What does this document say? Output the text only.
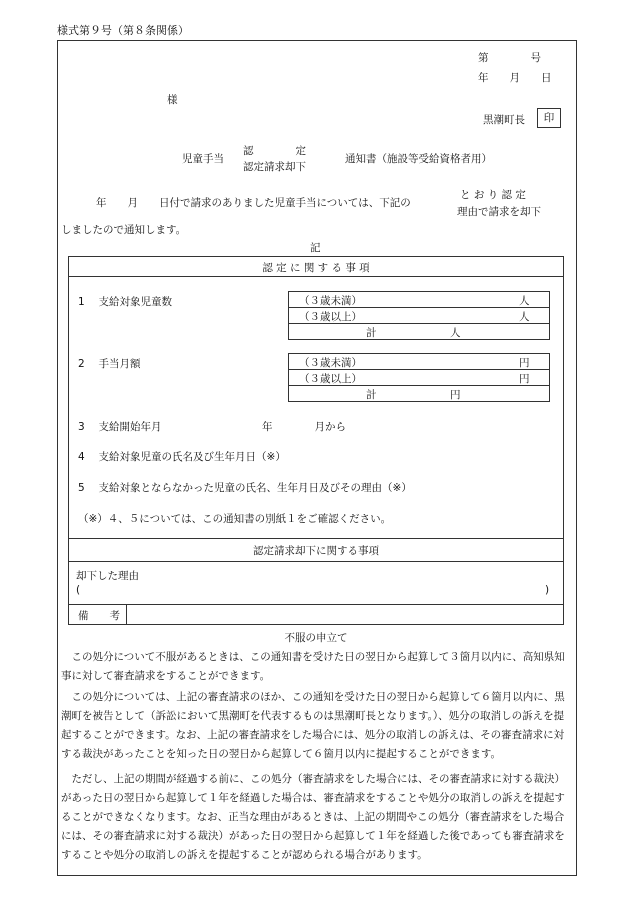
様式第９号（第８条関係）
第　　　　号
年　　月　　日
様
黒潮町長	印
児童手当
認　　　　定
認定請求却下
通知書（施設等受給資格者用）
年　　月　　日付で請求のありました児童手当については、下記の
と お り 認 定
理由で請求を却下
しましたので通知します。
記
認 定 に 関 す る 事 項
1　 支給対象児童数	（３歳未満）	人
（３歳以上）	人
計　　　　　　　人
2　 手当月額	（３歳未満）	円
（３歳以上）	円
計　　　　　　　円
3　 支給開始年月	年　　　　月から
4　 支給対象児童の氏名及び生年月日（※）
5　 支給対象とならなかった児童の氏名、生年月日及びその理由（※）
（※）４、５については、この通知書の別紙１をご確認ください。
認定請求却下に関する事項
却下した理由
(	)
備　　考
不服の申立て
　この処分について不服があるときは、この通知書を受けた日の翌日から起算して３箇月以内に、高知県知事に対して審査請求をすることができます。
　この処分については、上記の審査請求のほか、この通知を受けた日の翌日から起算して６箇月以内に、黒潮町を被告として（訴訟において黒潮町を代表するものは黒潮町長となります。）、処分の取消しの訴えを提起することができます。なお、上記の審査請求をした場合には、処分の取消しの訴えは、その審査請求に対する裁決があったことを知った日の翌日から起算して６箇月以内に提起することができます。
　ただし、上記の期間が経過する前に、この処分（審査請求をした場合には、その審査請求に対する裁決）があった日の翌日から起算して１年を経過した場合は、審査請求をすることや処分の取消しの訴えを提起することができなくなります。なお、正当な理由があるときは、上記の期間やこの処分（審査請求をした場合には、その審査請求に対する裁決）があった日の翌日から起算して１年を経過した後であっても審査請求をすることや処分の取消しの訴えを提起することが認められる場合があります。
